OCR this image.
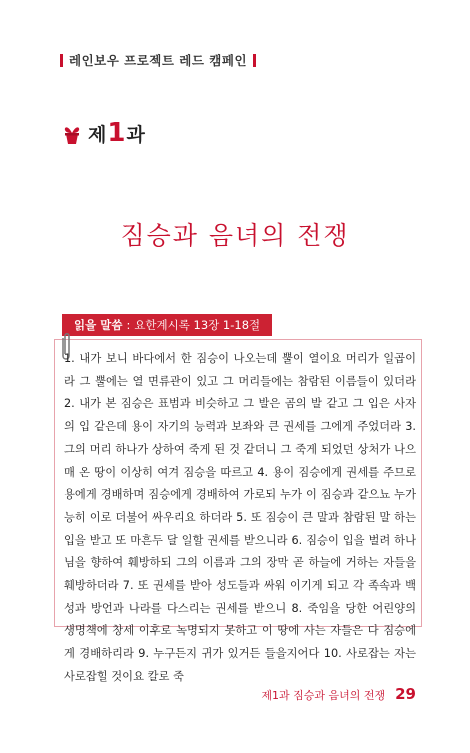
레인보우 프로젝트 레드 캠페인
제 1 과
짐승과 음녀의 전쟁
읽을 말씀 : 요한계시록 13장 1-18절
1. 내가 보니 바다에서 한 짐승이 나오는데 뿔이 열이요 머리가 일곱이라 그 뿔에는 열 면류관이 있고 그 머리들에는 참람된 이름들이 있더라 2. 내가 본 짐승은 표범과 비슷하고 그 발은 곰의 발 같고 그 입은 사자의 입 같은데 용이 자기의 능력과 보좌와 큰 권세를 그에게 주었더라 3. 그의 머리 하나가 상하여 죽게 된 것 같더니 그 죽게 되었던 상처가 나으매 온 땅이 이상히 여겨 짐승을 따르고 4. 용이 짐승에게 권세를 주므로 용에게 경배하며 짐승에게 경배하여 가로되 누가 이 짐승과 같으뇨 누가 능히 이로 더불어 싸우리요 하더라 5. 또 짐승이 큰 말과 참람된 말 하는 입을 받고 또 마흔두 달 일할 권세를 받으니라 6. 짐승이 입을 벌려 하나님을 향하여 훼방하되 그의 이름과 그의 장막 곧 하늘에 거하는 자들을 훼방하더라 7. 또 권세를 받아 성도들과 싸워 이기게 되고 각 족속과 백성과 방언과 나라를 다스리는 권세를 받으니 8. 죽임을 당한 어린양의 생명책에 창세 이후로 녹명되지 못하고 이 땅에 사는 자들은 다 짐승에게 경배하리라 9. 누구든지 귀가 있거든 들을지어다 10. 사로잡는 자는 사로잡힐 것이요 칼로 죽
제1과 짐승과 음녀의 전쟁 29
